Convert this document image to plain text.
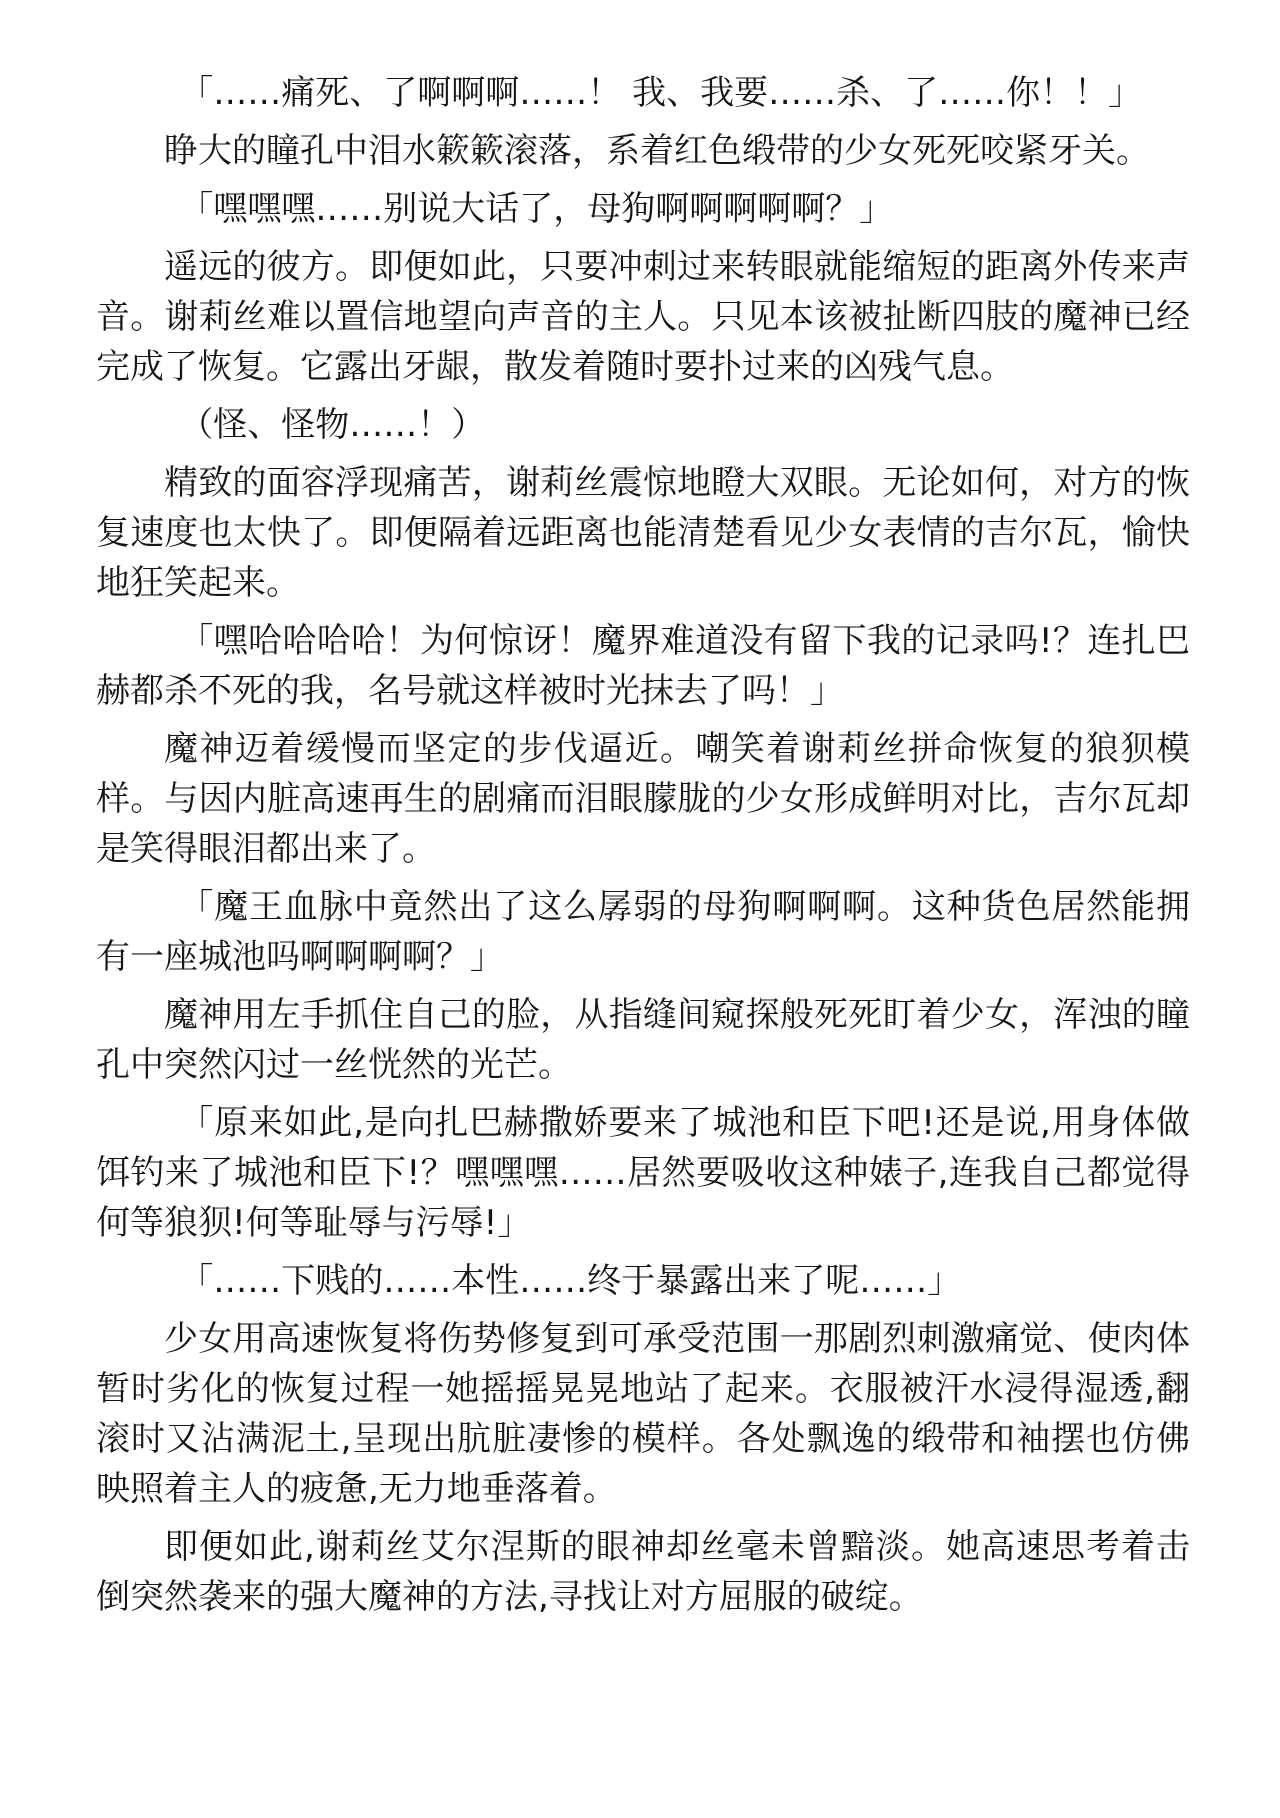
「……痛死、了啊啊啊……！ 我、我要……杀、了……你！！」

睁大的瞳孔中泪水簌簌滚落，系着红色缎带的少女死死咬紧牙关。

「嘿嘿嘿……别说大话了，母狗啊啊啊啊啊？」

遥远的彼方。即便如此，只要冲刺过来转眼就能缩短的距离外传来声音。谢莉丝难以置信地望向声音的主人。只见本该被扯断四肢的魔神已经完成了恢复。它露出牙龈，散发着随时要扑过来的凶残气息。

（怪、怪物……！）

精致的面容浮现痛苦，谢莉丝震惊地瞪大双眼。无论如何，对方的恢复速度也太快了。即便隔着远距离也能清楚看见少女表情的吉尔瓦，愉快地狂笑起来。

「嘿哈哈哈哈！为何惊讶！魔界难道没有留下我的记录吗!？连扎巴赫都杀不死的我，名号就这样被时光抹去了吗！」

魔神迈着缓慢而坚定的步伐逼近。嘲笑着谢莉丝拼命恢复的狼狈模样。与因内脏高速再生的剧痛而泪眼朦胧的少女形成鲜明对比，吉尔瓦却是笑得眼泪都出来了。

「魔王血脉中竟然出了这么孱弱的母狗啊啊啊。这种货色居然能拥有一座城池吗啊啊啊啊？」

魔神用左手抓住自己的脸，从指缝间窥探般死死盯着少女，浑浊的瞳孔中突然闪过一丝恍然的光芒。

「原来如此,是向扎巴赫撒娇要来了城池和臣下吧!还是说,用身体做饵钓来了城池和臣下!？嘿嘿嘿……居然要吸收这种婊子,连我自己都觉得何等狼狈!何等耻辱与污辱!」

「……下贱的……本性……终于暴露出来了呢……」

少女用高速恢复将伤势修复到可承受范围一那剧烈刺激痛觉、使肉体暂时劣化的恢复过程一她摇摇晃晃地站了起来。衣服被汗水浸得湿透,翻滚时又沾满泥土,呈现出肮脏凄惨的模样。各处飘逸的缎带和袖摆也仿佛映照着主人的疲惫,无力地垂落着。

即便如此,谢莉丝艾尔涅斯的眼神却丝毫未曾黯淡。她高速思考着击倒突然袭来的强大魔神的方法,寻找让对方屈服的破绽。
